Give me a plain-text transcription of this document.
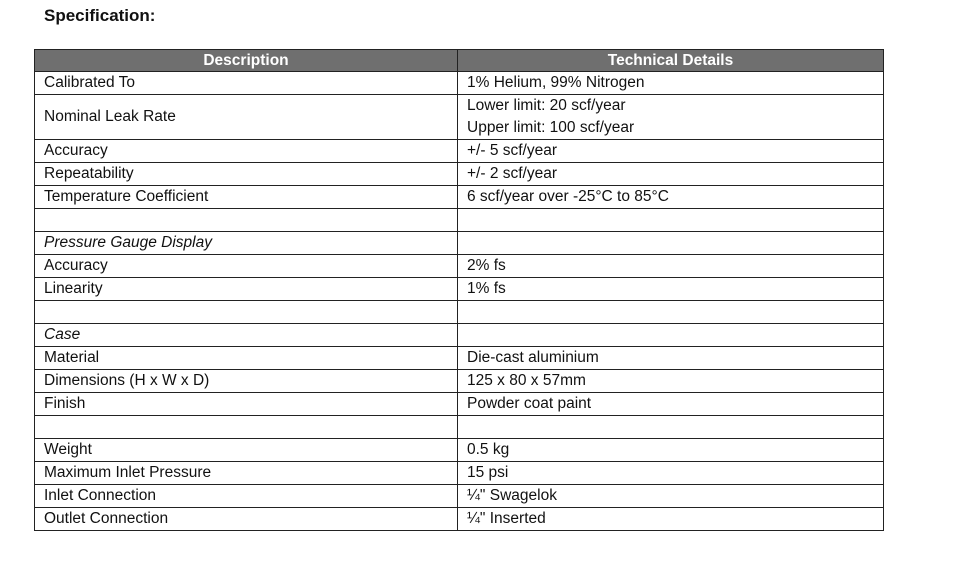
Specification:
Description	Technical Details
Calibrated To	1% Helium, 99% Nitrogen

Nominal Leak Rate	Lower limit: 20 scf/year
Upper limit: 100 scf/year

Accuracy	+/- 5 scf/year

Repeatability	+/- 2 scf/year

Temperature Coefficient	6 scf/year over -25°C to 85°C

Pressure Gauge Display	

Accuracy	2% fs

Linearity	1% fs

Case	

Material	Die-cast aluminium

Dimensions (H x W x D)	125 x 80 x 57mm

Finish	Powder coat paint

Weight	0.5 kg

Maximum Inlet Pressure	15 psi

Inlet Connection	¼" Swagelok

Outlet Connection	¼" Inserted
